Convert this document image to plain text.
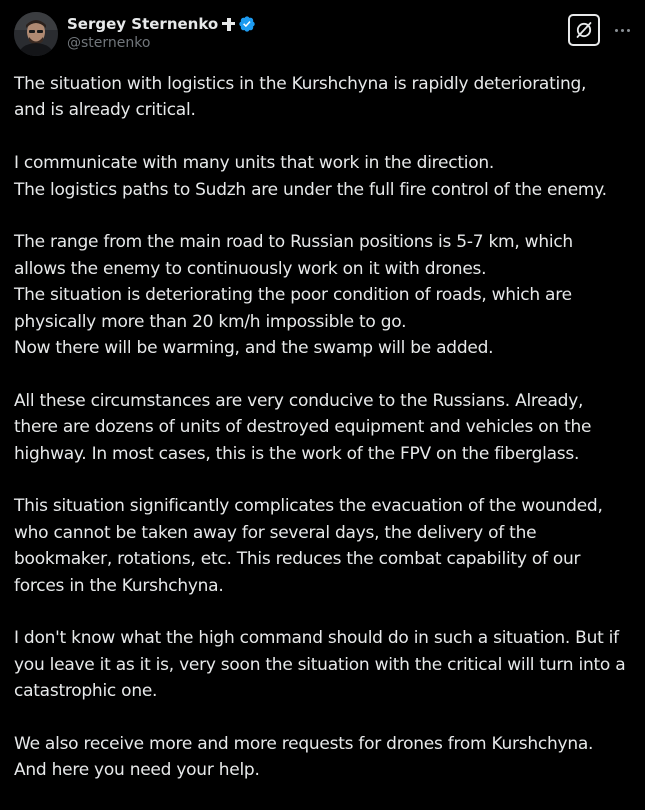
Sergey Sternenko
@sternenko

The situation with logistics in the Kurshchyna is rapidly deteriorating,
and is already critical.

I communicate with many units that work in the direction.
The logistics paths to Sudzh are under the full fire control of the enemy.

The range from the main road to Russian positions is 5-7 km, which
allows the enemy to continuously work on it with drones.
The situation is deteriorating the poor condition of roads, which are
physically more than 20 km/h impossible to go.
Now there will be warming, and the swamp will be added.

All these circumstances are very conducive to the Russians. Already,
there are dozens of units of destroyed equipment and vehicles on the
highway. In most cases, this is the work of the FPV on the fiberglass.

This situation significantly complicates the evacuation of the wounded,
who cannot be taken away for several days, the delivery of the
bookmaker, rotations, etc. This reduces the combat capability of our
forces in the Kurshchyna.

I don't know what the high command should do in such a situation. But if
you leave it as it is, very soon the situation with the critical will turn into a
catastrophic one.

We also receive more and more requests for drones from Kurshchyna.
And here you need your help.
